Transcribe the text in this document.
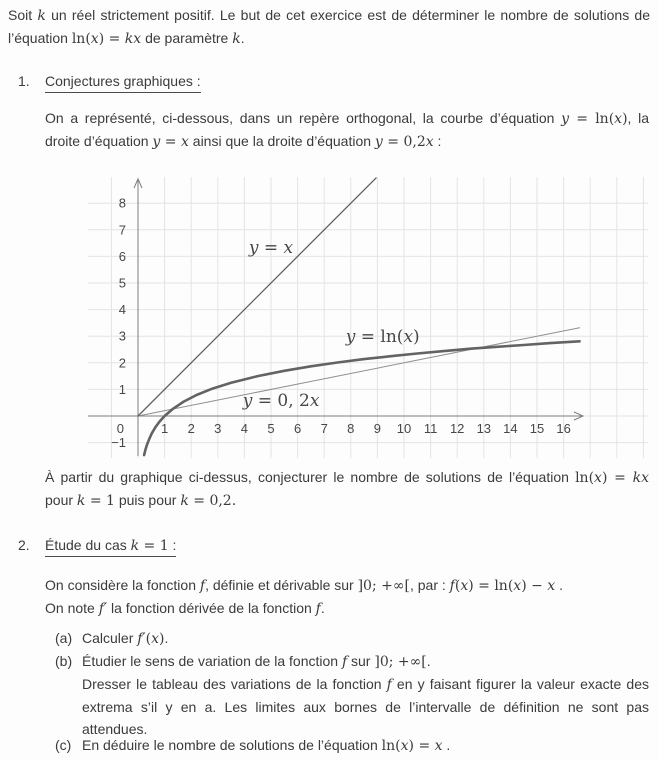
Soit k un réel strictement positif. Le but de cet exercice est de déterminer le nombre de solutions de l’équation ln(x) = kx de paramètre k.

1. Conjectures graphiques :

On a représenté, ci-dessous, dans un repère orthogonal, la courbe d’équation y = ln(x), la droite d’équation y = x ainsi que la droite d’équation y = 0,2x :

1 2 3 4 5 6 7 8 9 10 11 12 13 14 15 16
8
7
6
5
4
3
2
1
−1
0
y = x
y = ln(x)
y = 0, 2x

À partir du graphique ci-dessus, conjecturer le nombre de solutions de l’équation ln(x) = kx pour k = 1 puis pour k = 0,2.

2. Étude du cas k = 1 :
On considère la fonction f, définie et dérivable sur ]0; +∞[, par : f(x) = ln(x) − x .
On note f′ la fonction dérivée de la fonction f.
(a) Calculer f′(x).
(b) Étudier le sens de variation de la fonction f sur ]0; +∞[.
Dresser le tableau des variations de la fonction f en y faisant figurer la valeur exacte des extrema s’il y en a. Les limites aux bornes de l’intervalle de définition ne sont pas attendues.
(c) En déduire le nombre de solutions de l’équation ln(x) = x .
